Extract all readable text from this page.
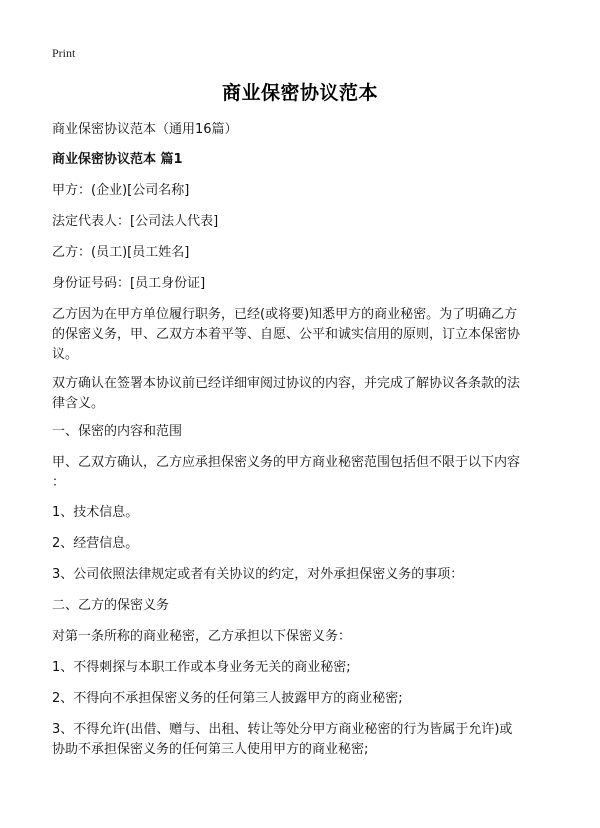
Print
商业保密协议范本
商业保密协议范本（通用16篇）
商业保密协议范本 篇1
甲方：(企业)[公司名称]
法定代表人：[公司法人代表]
乙方：(员工)[员工姓名]
身份证号码：[员工身份证]
乙方因为在甲方单位履行职务，已经(或将要)知悉甲方的商业秘密。为了明确乙方
的保密义务，甲、乙双方本着平等、自愿、公平和诚实信用的原则，订立本保密协
议。
双方确认在签署本协议前已经详细审阅过协议的内容，并完成了解协议各条款的法
律含义。
一、保密的内容和范围
甲、乙双方确认，乙方应承担保密义务的甲方商业秘密范围包括但不限于以下内容
：
1、技术信息。
2、经营信息。
3、公司依照法律规定或者有关协议的约定，对外承担保密义务的事项：
二、乙方的保密义务
对第一条所称的商业秘密，乙方承担以下保密义务：
1、不得刺探与本职工作或本身业务无关的商业秘密;
2、不得向不承担保密义务的任何第三人披露甲方的商业秘密;
3、不得允许(出借、赠与、出租、转让等处分甲方商业秘密的行为皆属于允许)或
协助不承担保密义务的任何第三人使用甲方的商业秘密;
